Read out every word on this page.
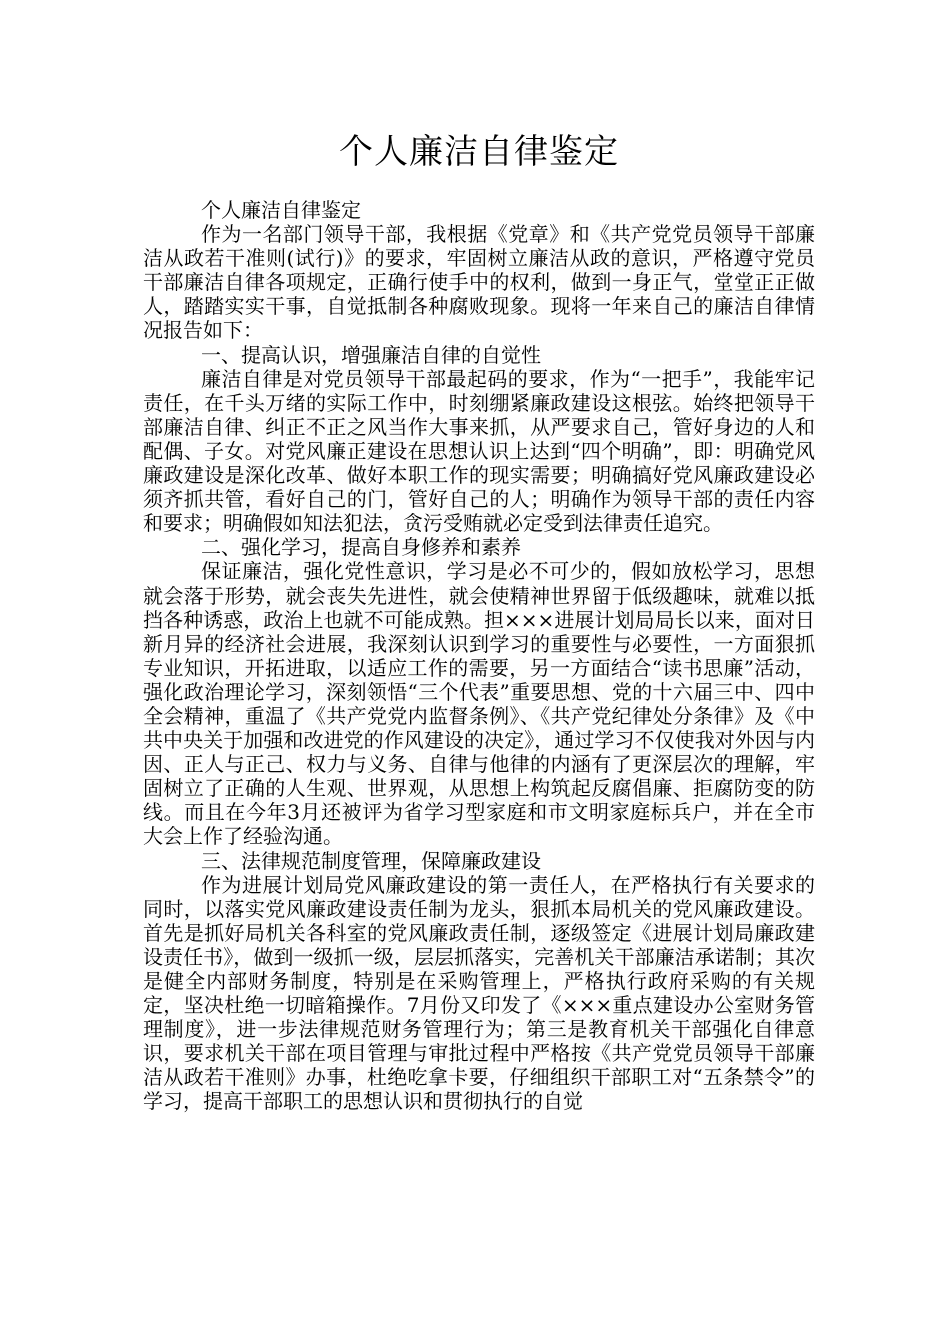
个人廉洁自律鉴定

个人廉洁自律鉴定

作为一名部门领导干部，我根据《党章》和《共产党党员领导干部廉洁从政若干准则(试行)》的要求，牢固树立廉洁从政的意识，严格遵守党员干部廉洁自律各项规定，正确行使手中的权利，做到一身正气，堂堂正正做人，踏踏实实干事，自觉抵制各种腐败现象。现将一年来自己的廉洁自律情况报告如下：

一、提高认识，增强廉洁自律的自觉性

廉洁自律是对党员领导干部最起码的要求，作为“一把手”，我能牢记责任，在千头万绪的实际工作中，时刻绷紧廉政建设这根弦。始终把领导干部廉洁自律、纠正不正之风当作大事来抓，从严要求自己，管好身边的人和配偶、子女。对党风廉正建设在思想认识上达到“四个明确”，即：明确党风廉政建设是深化改革、做好本职工作的现实需要；明确搞好党风廉政建设必须齐抓共管，看好自己的门，管好自己的人；明确作为领导干部的责任内容和要求；明确假如知法犯法，贪污受贿就必定受到法律责任追究。

二、强化学习，提高自身修养和素养

保证廉洁，强化党性意识，学习是必不可少的，假如放松学习，思想就会落于形势，就会丧失先进性，就会使精神世界留于低级趣味，就难以抵挡各种诱惑，政治上也就不可能成熟。担×××进展计划局局长以来，面对日新月异的经济社会进展，我深刻认识到学习的重要性与必要性，一方面狠抓专业知识，开拓进取，以适应工作的需要，另一方面结合“读书思廉”活动，强化政治理论学习，深刻领悟“三个代表”重要思想、党的十六届三中、四中全会精神，重温了《共产党党内监督条例》、《共产党纪律处分条律》及《中共中央关于加强和改进党的作风建设的决定》，通过学习不仅使我对外因与内因、正人与正己、权力与义务、自律与他律的内涵有了更深层次的理解，牢固树立了正确的人生观、世界观，从思想上构筑起反腐倡廉、拒腐防变的防线。而且在今年3月还被评为省学习型家庭和市文明家庭标兵户，并在全市大会上作了经验沟通。

三、法律规范制度管理，保障廉政建设

作为进展计划局党风廉政建设的第一责任人，在严格执行有关要求的同时，以落实党风廉政建设责任制为龙头，狠抓本局机关的党风廉政建设。首先是抓好局机关各科室的党风廉政责任制，逐级签定《进展计划局廉政建设责任书》，做到一级抓一级，层层抓落实，完善机关干部廉洁承诺制；其次是健全内部财务制度，特别是在采购管理上，严格执行政府采购的有关规定，坚决杜绝一切暗箱操作。7月份又印发了《×××重点建设办公室财务管理制度》，进一步法律规范财务管理行为；第三是教育机关干部强化自律意识，要求机关干部在项目管理与审批过程中严格按《共产党党员领导干部廉洁从政若干准则》办事，杜绝吃拿卡要，仔细组织干部职工对“五条禁令”的学习，提高干部职工的思想认识和贯彻执行的自觉
